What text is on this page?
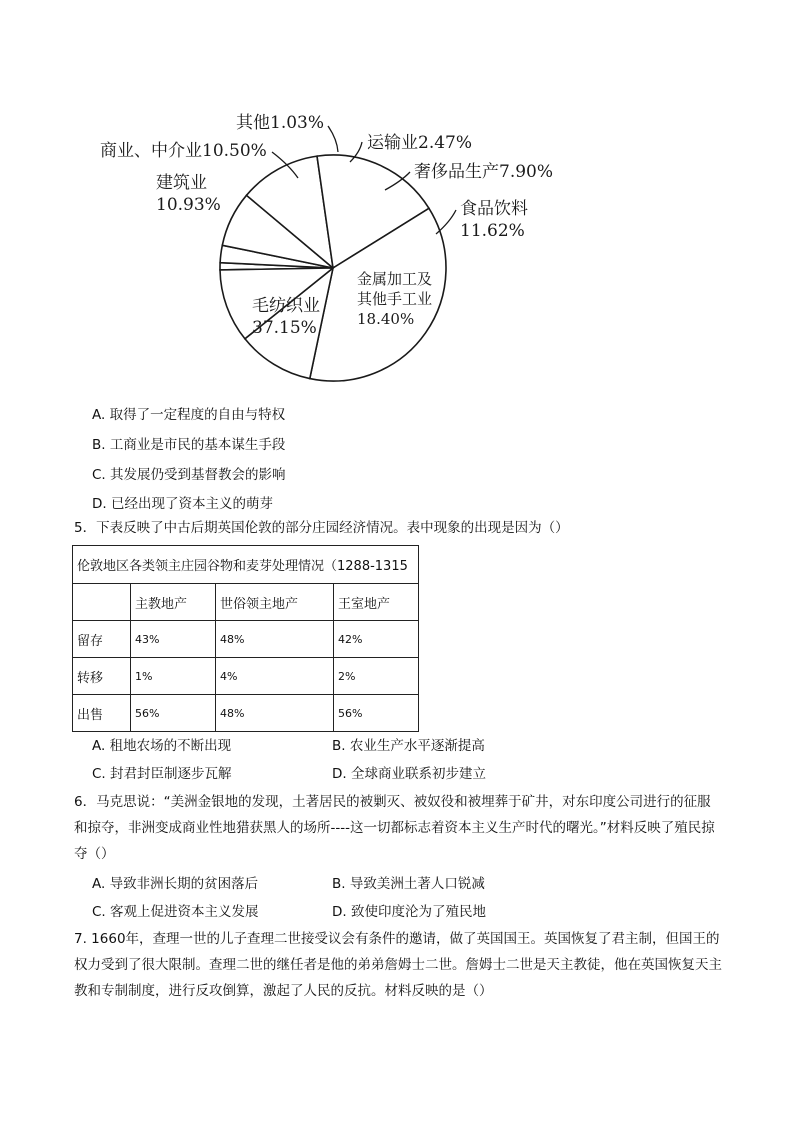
其他1.03%
运输业2.47%
奢侈品生产7.90%
食品饮料
11.62%
金属加工及
其他手工业
18.40%
毛纺织业
37.15%
建筑业
10.93%
商业、中介业10.50%
A. 取得了一定程度的自由与特权
B. 工商业是市民的基本谋生手段
C. 其发展仍受到基督教会的影响
D. 已经出现了资本主义的萌芽
5．下表反映了中古后期英国伦敦的部分庄园经济情况。表中现象的出现是因为（）
伦敦地区各类领主庄园谷物和麦芽处理情况（1288-1315			
	主教地产	世俗领主地产	王室地产
留存	43%	48%	42%
转移	1%	4%	2%
出售	56%	48%	56%
A. 租地农场的不断出现	B. 农业生产水平逐渐提高
C. 封君封臣制逐步瓦解	D. 全球商业联系初步建立
6．马克思说：“美洲金银地的发现，土著居民的被剿灭、被奴役和被埋葬于矿井，对东印度公司进行的征服和掠夺，非洲变成商业性地猎获黑人的场所----这一切都标志着资本主义生产时代的曙光。”材料反映了殖民掠夺（）
A. 导致非洲长期的贫困落后	B. 导致美洲土著人口锐减
C. 客观上促进资本主义发展	D. 致使印度沦为了殖民地
7. 1660年，查理一世的儿子查理二世接受议会有条件的邀请，做了英国国王。英国恢复了君主制，但国王的权力受到了很大限制。查理二世的继任者是他的弟弟詹姆士二世。詹姆士二世是天主教徒，他在英国恢复天主教和专制制度，进行反攻倒算，激起了人民的反抗。材料反映的是（）
